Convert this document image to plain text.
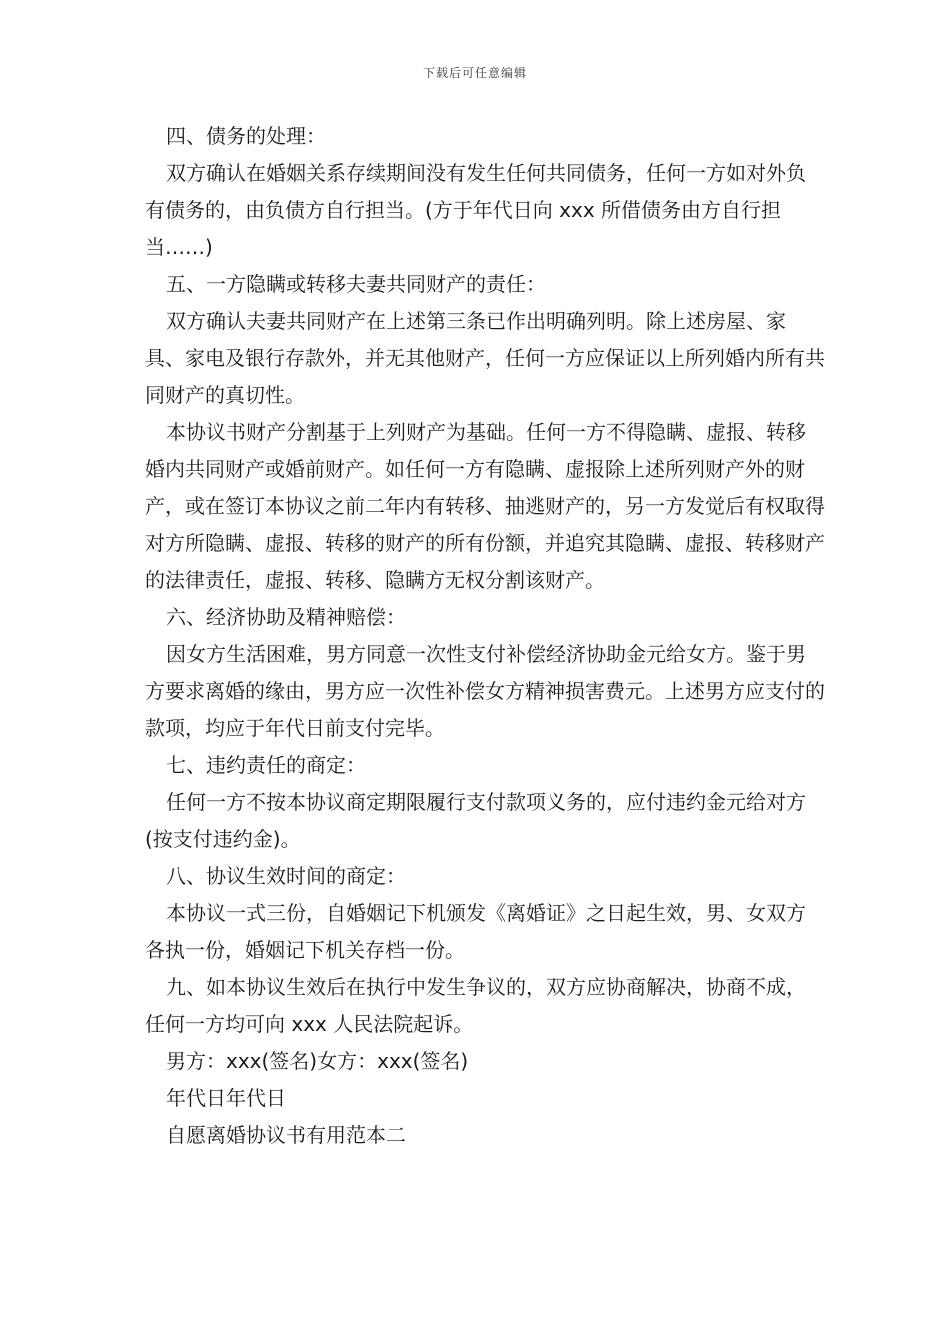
下载后可任意编辑

四、债务的处理：

双方确认在婚姻关系存续期间没有发生任何共同债务，任何一方如对外负有债务的，由负债方自行担当。(方于年代日向 xxx 所借债务由方自行担当……)

五、一方隐瞒或转移夫妻共同财产的责任：

双方确认夫妻共同财产在上述第三条已作出明确列明。除上述房屋、家具、家电及银行存款外，并无其他财产，任何一方应保证以上所列婚内所有共同财产的真切性。

本协议书财产分割基于上列财产为基础。任何一方不得隐瞒、虚报、转移婚内共同财产或婚前财产。如任何一方有隐瞒、虚报除上述所列财产外的财产，或在签订本协议之前二年内有转移、抽逃财产的，另一方发觉后有权取得对方所隐瞒、虚报、转移的财产的所有份额，并追究其隐瞒、虚报、转移财产的法律责任，虚报、转移、隐瞒方无权分割该财产。

六、经济协助及精神赔偿：

因女方生活困难，男方同意一次性支付补偿经济协助金元给女方。鉴于男方要求离婚的缘由，男方应一次性补偿女方精神损害费元。上述男方应支付的款项，均应于年代日前支付完毕。

七、违约责任的商定：

任何一方不按本协议商定期限履行支付款项义务的，应付违约金元给对方(按支付违约金)。

八、协议生效时间的商定：

本协议一式三份，自婚姻记下机颁发《离婚证》之日起生效，男、女双方各执一份，婚姻记下机关存档一份。

九、如本协议生效后在执行中发生争议的，双方应协商解决，协商不成，任何一方均可向 xxx 人民法院起诉。

男方：xxx(签名)女方：xxx(签名)

年代日年代日

自愿离婚协议书有用范本二
